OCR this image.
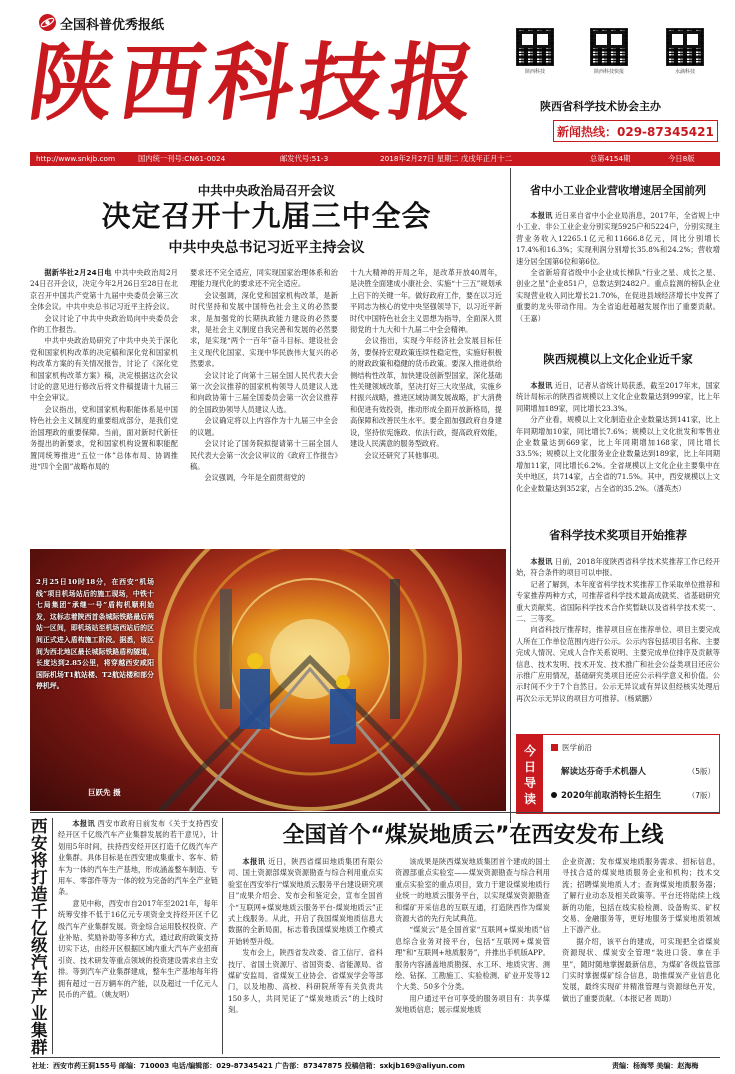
全国科普优秀报纸
陕西科技报	陕西科技	陕西科技快报	水滴科技
陕西省科学技术协会主办
新闻热线：029-87345421
http://www.snkjb.com	国内统一刊号:CN61-0024	邮发代号:51-3	2018年2月27日 星期二 戊戌年正月十二	总第4154期	今日8版
中共中央政治局召开会议
决定召开十九届三中全会
中共中央总书记习近平主持会议

据新华社2月24日电 中共中央政治局2月24日召开会议，决定今年2月26日至28日在北京召开中国共产党第十九届中央委员会第三次全体会议。中共中央总书记习近平主持会议。

会议讨论了中共中央政治局向中央委员会作的工作报告。

中共中央政治局研究了中共中央关于深化党和国家机构改革的决定稿和深化党和国家机构改革方案的有关情况报告，讨论了《深化党和国家机构改革方案》稿，决定根据这次会议讨论的意见进行修改后将文件稿提请十九届三中全会审议。

会议指出，党和国家机构职能体系是中国特色社会主义制度的重要组成部分，是我们党治国理政的重要保障。当前，面对新时代新任务提出的新要求，党和国家机构设置和职能配置同统筹推进“五位一体”总体布局、协调推进“四个全面”战略布局的

要求还不完全适应，同实现国家治理体系和治理能力现代化的要求还不完全适应。

会议强调，深化党和国家机构改革，是新时代坚持和发展中国特色社会主义的必然要求，是加强党的长期执政能力建设的必然要求，是社会主义制度自我完善和发展的必然要求，是实现“两个一百年”奋斗目标、建设社会主义现代化国家、实现中华民族伟大复兴的必然要求。

会议讨论了向第十三届全国人民代表大会第一次会议推荐的国家机构领导人员建议人选和向政协第十三届全国委员会第一次会议推荐的全国政协领导人员建议人选。

会议确定将以上内容作为十九届三中全会的议题。

会议讨论了国务院拟提请第十三届全国人民代表大会第一次会议审议的《政府工作报告》稿。

会议强调，今年是全面贯彻党的

十九大精神的开局之年，是改革开放40周年，是决胜全面建成小康社会、实施“十三五”规划承上启下的关键一年。做好政府工作，要在以习近平同志为核心的党中央坚强领导下，以习近平新时代中国特色社会主义思想为指导，全面深入贯彻党的十九大和十九届二中全会精神。

会议指出，实现今年经济社会发展目标任务，要保持宏观政策连续性稳定性，实施好积极的财政政策和稳健的货币政策。要深入推进供给侧结构性改革，加快建设创新型国家，深化基础性关键领域改革，坚决打好三大攻坚战，实施乡村振兴战略，推进区域协调发展战略，扩大消费和促进有效投资，推动形成全面开放新格局，提高保障和改善民生水平。要全面加强政府自身建设，坚持依宪施政、依法行政，提高政府效能，建设人民满意的服务型政府。

会议还研究了其他事项。

2月25日10时18分，在西安“机场线”项目机场站后的施工现场，中铁十七局集团“承继一号”盾构机顺利始发，这标志着陕西首条城际铁路最后两站一区间，即机场站至机场西站后的区间正式进入盾构施工阶段。据悉，该区间为西北地区最长城际铁路盾构隧道，长度达到2.85公里，将穿越西安咸阳国际机场T1航站楼、T2航站楼和部分停机坪。
巨跃先 摄
省中小工业企业营收增速居全国前列

本报讯 近日来自省中小企业局消息，2017年，全省规上中小工业、非公工业企业分别实现5925户和5224户，分别实现主营业务收入12265.1亿元和11666.8亿元，同比分别增长17.4%和16.3%；实现利润分别增长35.8%和24.2%；营收增速分居全国第6位和第6位。

全省新培育省级中小企业成长梯队“行业之星、成长之星、创业之星”企业851户，总数达到2482户。重点监测的榜队企业实现营业收入同比增长21.70%，在促进县域经济增长中发挥了重要的龙头带动作用。为全省追赶超越发展作出了重要贡献。（王嘉）

陕西规模以上文化企业近千家

本报讯 近日，记者从省统计局获悉，截至2017年末，国家统计局标示的陕西省规模以上文化企业数量达到999家，比上年同期增加189家，同比增长23.3%。

分产业看，规模以上文化制造业企业数量达到141家，比上年同期增加10家，同比增长7.6%；规模以上文化批发和零售业企业数量达到669家，比上年同期增加168家，同比增长33.5%；规模以上文化服务业企业数量达到189家，比上年同期增加11家，同比增长6.2%。全省规模以上文化企业主要集中在关中地区，共714家，占全省的71.5%。其中，西安规模以上文化企业数量达到352家，占全省的35.2%。（潘英杰）

省科学技术奖项目开始推荐

本报讯 日前，2018年度陕西省科学技术奖推荐工作已经开始，符合条件的项目可以申报。

记者了解到，本年度省科学技术奖推荐工作采取单位推荐和专家推荐两种方式，可推荐省科学技术最高成就奖、省基础研究重大贡献奖、省国际科学技术合作奖暂缺以及省科学技术奖一、二、三等奖。

向省科技厅推荐时，推荐项目应在推荐单位、项目主要完成人所在工作单位范围内进行公示。公示内容包括项目名称、主要完成人情况、完成人合作关系说明、主要完成单位排序及贡献等信息、技术发明、技术开发、技术推广和社会公益类项目还应公示推广应用情况，基础研究类项目还应公示科学意义和价值。公示时间不少于7个自然日。公示无异议或有异议但经核实处理后再次公示无异议的项目方可推荐。（杨斌鹏）

今
日
导
读
医学前沿
解读达芬奇手术机器人	（5版）
2020年前取消特长生招生	（7版）
西安将打造千亿级汽车产业集群

本报讯 西安市政府日前发布《关于支持西安经开区千亿级汽车产业集群发展的若干意见》，计划用5年时间，扶持西安经开区打造千亿级汽车产业集群。具体目标是在西安建成集重卡、客车、轿车为一体的汽车生产基地，形成涵盖整车制造、专用车、零部件等为一体的较为完备的汽车全产业链条。

意见中称，西安市自2017年至2021年，每年统筹安排不低于16亿元专项资金支持经开区千亿级汽车产业集群发展。资金综合运用股权投资、产业补贴、奖励补助等多种方式，通过政府政策支持切实下达，由经开区根据区域内重大汽车产业招商引资、技术研发等重点领域的投资建设需求自主安排。等到汽车产业集群建成，整车生产基地每年将拥有超过一百万辆车的产能，以及超过一千亿元人民币的产值。（姚友明）

全国首个“煤炭地质云”在西安发布上线

本报讯 近日，陕西省煤田地质集团有限公司、国土资源部煤炭资源勘查与综合利用重点实验室在西安举行“煤炭地质云服务平台建设研究项目”成果介绍会、发布会和鉴定会，宣布全国首个“互联网+煤炭地质云服务平台-煤炭地质云”正式上线服务。从此，开启了我国煤炭地质信息大数据的全新局面，标志着我国煤炭地质工作模式开始转型升级。

发布会上，陕西省发改委、省工信厅、省科技厅、省国土资源厅、省国资委、省能源局、省煤矿安监局、省煤炭工业协会、省煤炭学会等部门，以及地勘、高校、科研院所等有关负责共150多人，共同见证了“煤炭地质云”的上线时刻。

该成果是陕西煤炭地质集团首个建成的国土资源部重点实验室——煤炭资源勘查与综合利用重点实验室的重点项目，致力于建设煤炭地质行业统一的地质云服务平台，以实现煤炭资源勘查和煤矿开采信息的互联互通，打造陕西作为煤炭资源大省的先行先试典范。

“煤炭云”是全国首家“互联网+煤炭地质”信息综合业务对接平台，包括“互联网+煤炭管理”和“互联网+地质服务”，并推出手机版APP。服务内容涵盖地质勘探、水工环、地质灾害、测绘、钻探、工勘施工、实验检测、矿业开发等12个大类、50多个分类。

用户通过平台可享受的服务项目有：共享煤炭地质信息；展示煤炭地质

企业资源；发布煤炭地质服务需求、招标信息，寻找合适的煤炭地质服务企业和机构；技术交流；招聘煤炭地质人才；查询煤炭地质服务器；了解行业动态及相关政策等。平台还将陆续上线新的功能，包括在线实验检测、设备购买、矿权交易、金融服务等，更好地服务于煤炭地质领域上下游产业。

据介绍，该平台的建成，可实现把全省煤炭资源现状、煤炭安全管理“装进口袋、拿在手里”，随时随地掌握最新信息，为煤矿各级监管部门实时掌握煤矿综合信息，助推煤炭产业信息化发展，最终实现矿井精准管理与资源绿色开发，做出了重要贡献。（本报记者 周助）

社址：西安市药王洞155号 邮编：710003 电话/编辑部：029-87345421 广告部：87347875 投稿信箱：sxkjb169@aliyun.com	责编：杨海琴 美编：赵海梅
